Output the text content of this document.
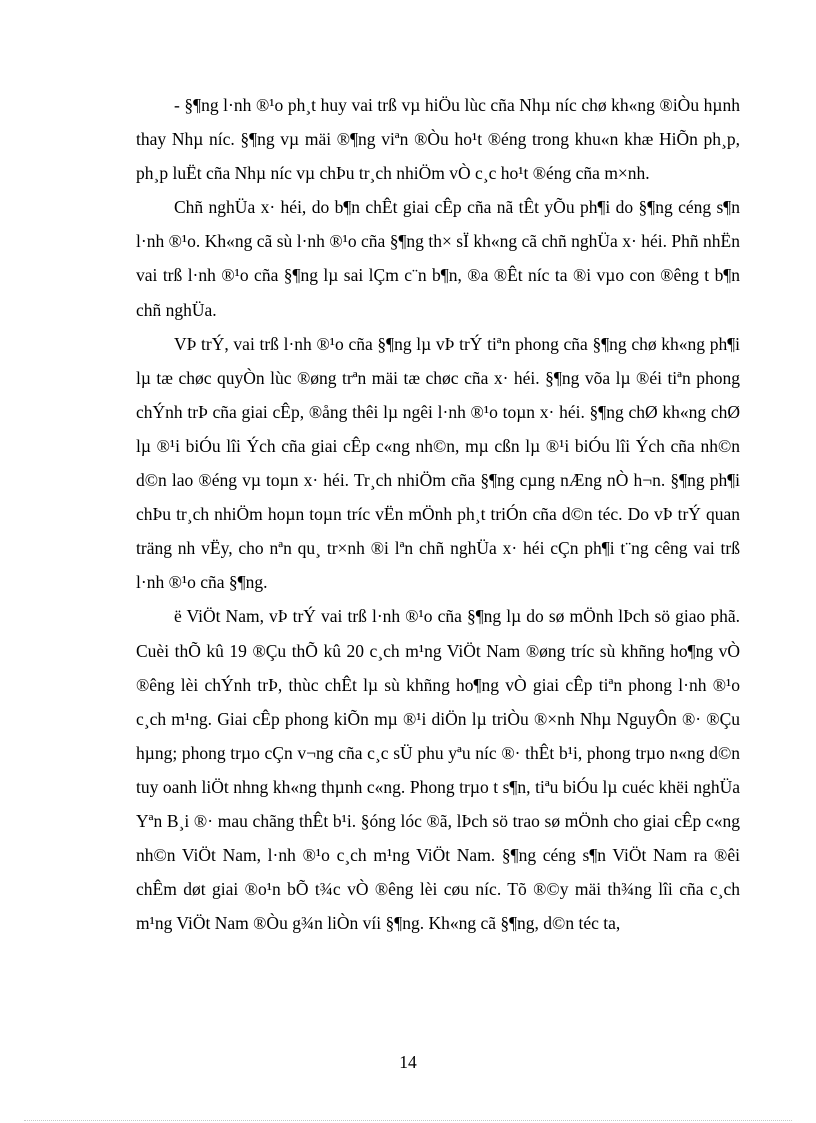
- §¶ng l·nh ®¹o ph¸t huy vai trß vµ hiÖu lùc cña Nhµ níc chø kh«ng ®iÒu hµnh thay Nhµ níc. §¶ng vµ mäi ®¶ng viªn ®Òu ho¹t ®éng trong khu«n khæ HiÕn ph¸p, ph¸p luËt cña Nhµ níc vµ chÞu tr¸ch nhiÖm vÒ c¸c ho¹t ®éng cña m×nh.

Chñ nghÜa x· héi, do b¶n chÊt giai cÊp cña nã tÊt yÕu ph¶i do §¶ng céng s¶n l·nh ®¹o. Kh«ng cã sù l·nh ®¹o cña §¶ng th× sÏ kh«ng cã chñ nghÜa x· héi. Phñ nhËn vai trß l·nh ®¹o cña §¶ng lµ sai lÇm c¨n b¶n, ®a ®Êt níc ta ®i vµo con ®êng t b¶n chñ nghÜa.

VÞ trÝ, vai trß l·nh ®¹o cña §¶ng lµ vÞ trÝ tiªn phong cña §¶ng chø kh«ng ph¶i lµ tæ chøc quyÒn lùc ®øng trªn mäi tæ chøc cña x· héi. §¶ng võa lµ ®éi tiªn phong chÝnh trÞ cña giai cÊp, ®ång thêi lµ ngêi l·nh ®¹o toµn x· héi. §¶ng chØ kh«ng chØ lµ ®¹i biÓu lîi Ých cña giai cÊp c«ng nh©n, mµ cßn lµ ®¹i biÓu lîi Ých cña nh©n d©n lao ®éng vµ toµn x· héi. Tr¸ch nhiÖm cña §¶ng cµng nÆng nÒ h¬n. §¶ng ph¶i chÞu tr¸ch nhiÖm hoµn toµn tríc vËn mÖnh ph¸t triÓn cña d©n téc. Do vÞ trÝ quan träng nh vËy, cho nªn qu¸ tr×nh ®i lªn chñ nghÜa x· héi cÇn ph¶i t¨ng cêng vai trß l·nh ®¹o cña §¶ng.

ë ViÖt Nam, vÞ trÝ vai trß l·nh ®¹o cña §¶ng lµ do sø mÖnh lÞch sö giao phã. Cuèi thÕ kû 19 ®Çu thÕ kû 20 c¸ch m¹ng ViÖt Nam ®øng tríc sù khñng ho¶ng vÒ ®êng lèi chÝnh trÞ, thùc chÊt lµ sù khñng ho¶ng vÒ giai cÊp tiªn phong l·nh ®¹o c¸ch m¹ng. Giai cÊp phong kiÕn mµ ®¹i diÖn lµ triÒu ®×nh Nhµ NguyÔn ®· ®Çu hµng; phong trµo cÇn v¬ng cña c¸c sÜ phu yªu níc ®· thÊt b¹i, phong trµo n«ng d©n tuy oanh liÖt nhng kh«ng thµnh c«ng. Phong trµo t s¶n, tiªu biÓu lµ cuéc khëi nghÜa Yªn B¸i ®· mau chãng thÊt b¹i. §óng lóc ®ã, lÞch sö trao sø mÖnh cho giai cÊp c«ng nh©n ViÖt Nam, l·nh ®¹o c¸ch m¹ng ViÖt Nam. §¶ng céng s¶n ViÖt Nam ra ®êi chÊm døt giai ®o¹n bÕ t¾c vÒ ®êng lèi cøu níc. Tõ ®©y mäi th¾ng lîi cña c¸ch m¹ng ViÖt Nam ®Òu g¾n liÒn víi §¶ng. Kh«ng cã §¶ng, d©n téc ta,

14
